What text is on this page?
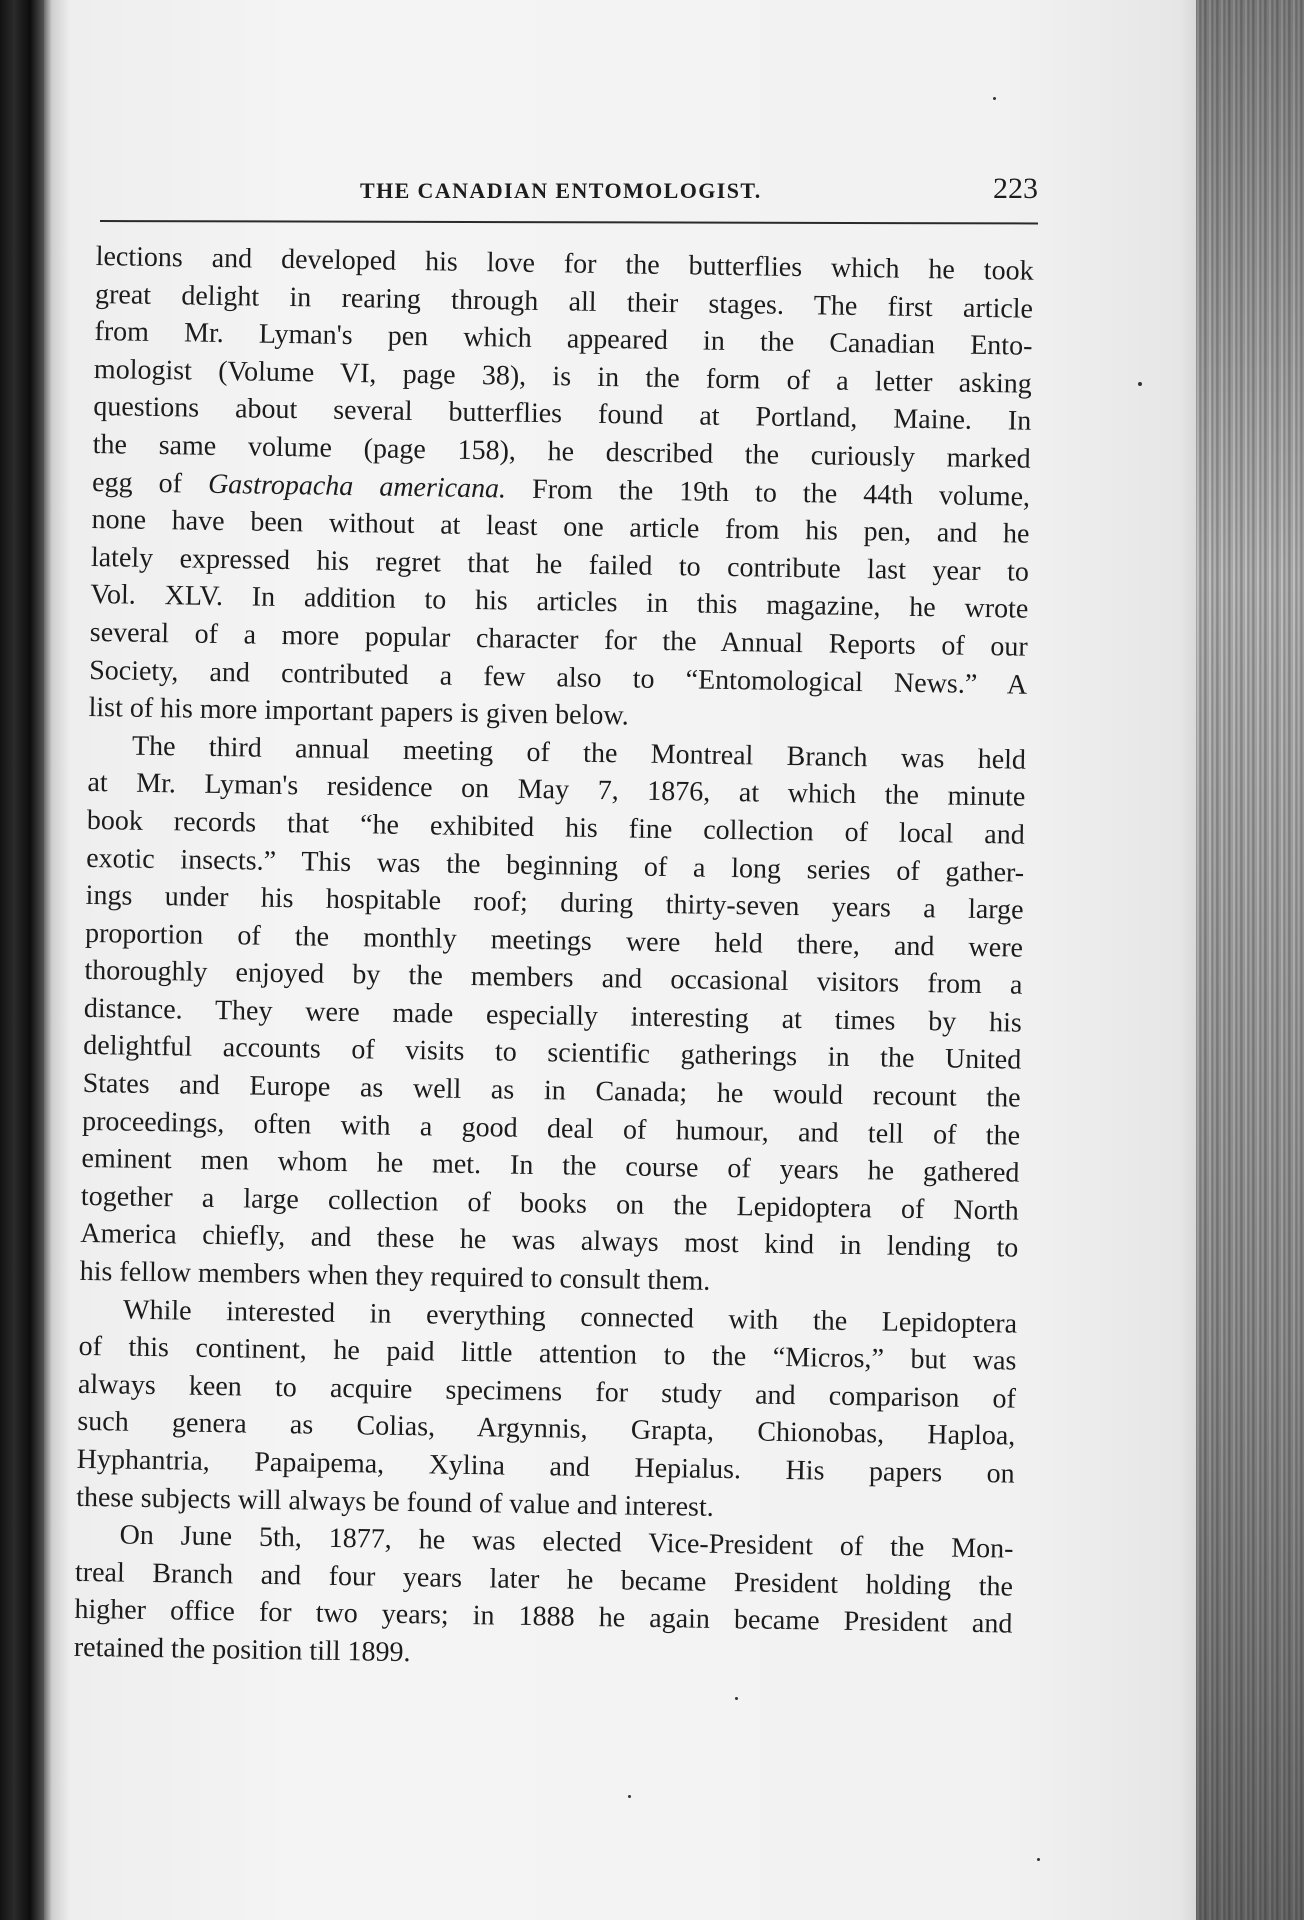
THE CANADIAN ENTOMOLOGIST.	223
lections and developed his love for the butterflies which he took
great delight in rearing through all their stages. The first article
from Mr. Lyman's pen which appeared in the Canadian Ento-
mologist (Volume VI, page 38), is in the form of a letter asking
questions about several butterflies found at Portland, Maine. In
the same volume (page 158), he described the curiously marked
egg of Gastropacha americana. From the 19th to the 44th volume,
none have been without at least one article from his pen, and he
lately expressed his regret that he failed to contribute last year to
Vol. XLV. In addition to his articles in this magazine, he wrote
several of a more popular character for the Annual Reports of our
Society, and contributed a few also to “Entomological News.” A
list of his more important papers is given below.
The third annual meeting of the Montreal Branch was held
at Mr. Lyman's residence on May 7, 1876, at which the minute
book records that “he exhibited his fine collection of local and
exotic insects.” This was the beginning of a long series of gather-
ings under his hospitable roof; during thirty-seven years a large
proportion of the monthly meetings were held there, and were
thoroughly enjoyed by the members and occasional visitors from a
distance. They were made especially interesting at times by his
delightful accounts of visits to scientific gatherings in the United
States and Europe as well as in Canada; he would recount the
proceedings, often with a good deal of humour, and tell of the
eminent men whom he met. In the course of years he gathered
together a large collection of books on the Lepidoptera of North
America chiefly, and these he was always most kind in lending to
his fellow members when they required to consult them.
While interested in everything connected with the Lepidoptera
of this continent, he paid little attention to the “Micros,” but was
always keen to acquire specimens for study and comparison of
such genera as Colias, Argynnis, Grapta, Chionobas, Haploa,
Hyphantria, Papaipema, Xylina and Hepialus. His papers on
these subjects will always be found of value and interest.
On June 5th, 1877, he was elected Vice-President of the Mon-
treal Branch and four years later he became President holding the
higher office for two years; in 1888 he again became President and
retained the position till 1899.
